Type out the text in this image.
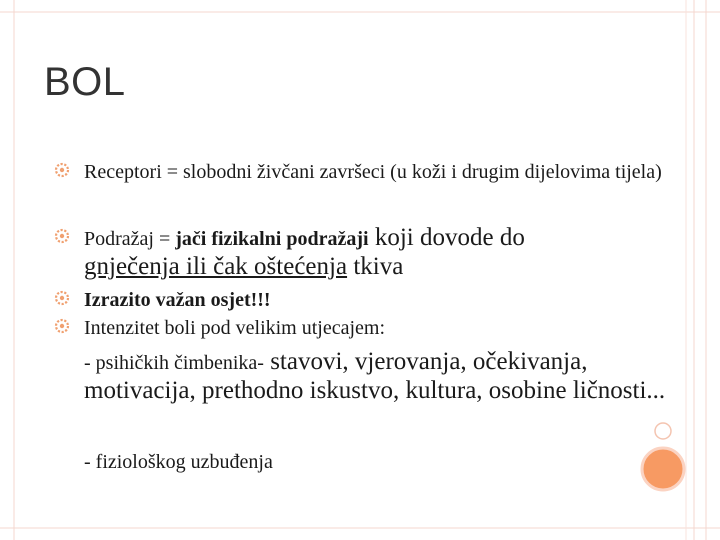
BOL
Receptori = slobodni živčani završeci (u koži i drugim dijelovima tijela)
Podražaj = jači fizikalni podražaji koji dovode do
gnječenja ili čak oštećenja tkiva
Izrazito važan osjet!!!
Intenzitet boli pod velikim utjecajem:
- psihičkih čimbenika- stavovi, vjerovanja, očekivanja, motivacija, prethodno iskustvo, kultura, osobine ličnosti...
- fiziološkog uzbuđenja
